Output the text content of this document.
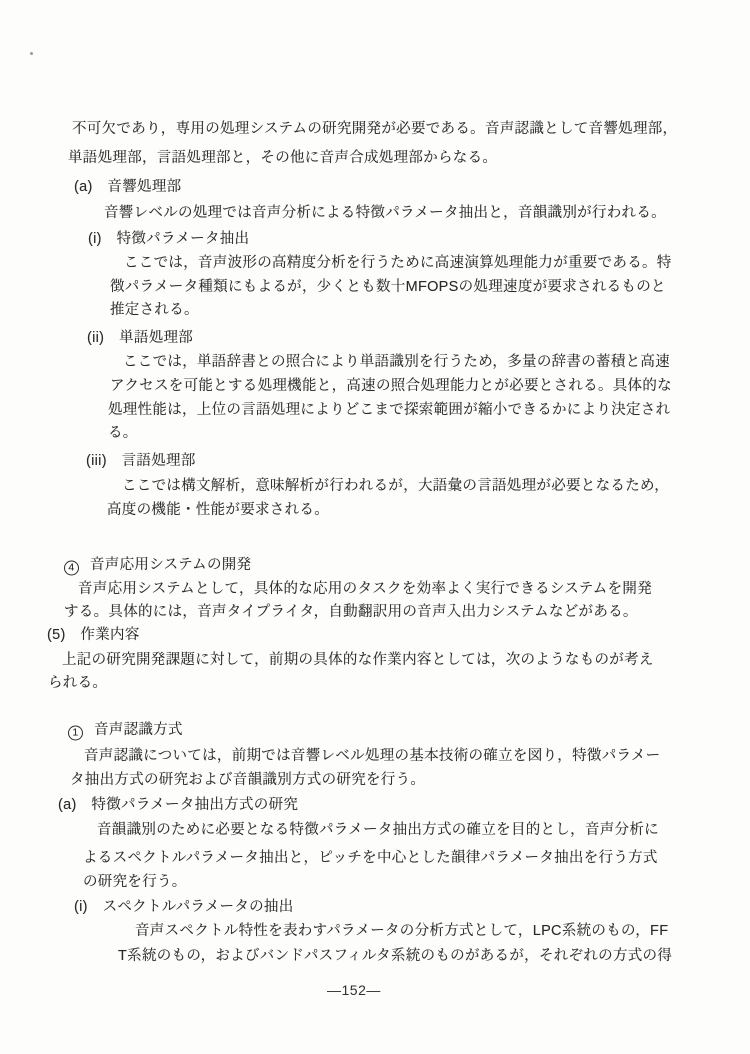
不可欠であり，専用の処理システムの研究開発が必要である。音声認識として音響処理部，
単語処理部，言語処理部と，その他に音声合成処理部からなる。
(a)　音響処理部
音響レベルの処理では音声分析による特徴パラメータ抽出と，音韻識別が行われる。
(i)　特徴パラメータ抽出
ここでは，音声波形の高精度分析を行うために高速演算処理能力が重要である。特
徴パラメータ種類にもよるが，少くとも数十MFOPSの処理速度が要求されるものと
推定される。
(ii)　単語処理部
ここでは，単語辞書との照合により単語識別を行うため，多量の辞書の蓄積と高速
アクセスを可能とする処理機能と，高速の照合処理能力とが必要とされる。具体的な
処理性能は，上位の言語処理によりどこまで探索範囲が縮小できるかにより決定され
る。
(iii)　言語処理部
ここでは構文解析，意味解析が行われるが，大語彙の言語処理が必要となるため，
高度の機能・性能が要求される。
4 音声応用システムの開発
音声応用システムとして，具体的な応用のタスクを効率よく実行できるシステムを開発
する。具体的には，音声タイプライタ，自動翻訳用の音声入出力システムなどがある。
(5)　作業内容
上記の研究開発課題に対して，前期の具体的な作業内容としては，次のようなものが考え
られる。
1 音声認識方式
音声認識については，前期では音響レベル処理の基本技術の確立を図り，特徴パラメー
タ抽出方式の研究および音韻識別方式の研究を行う。
(a)　特徴パラメータ抽出方式の研究
音韻識別のために必要となる特徴パラメータ抽出方式の確立を目的とし，音声分析に
よるスペクトルパラメータ抽出と，ピッチを中心とした韻律パラメータ抽出を行う方式
の研究を行う。
(i)　スペクトルパラメータの抽出
音声スペクトル特性を表わすパラメータの分析方式として，LPC系統のもの，FF
T系統のもの，およびバンドパスフィルタ系統のものがあるが，それぞれの方式の得
—152—
